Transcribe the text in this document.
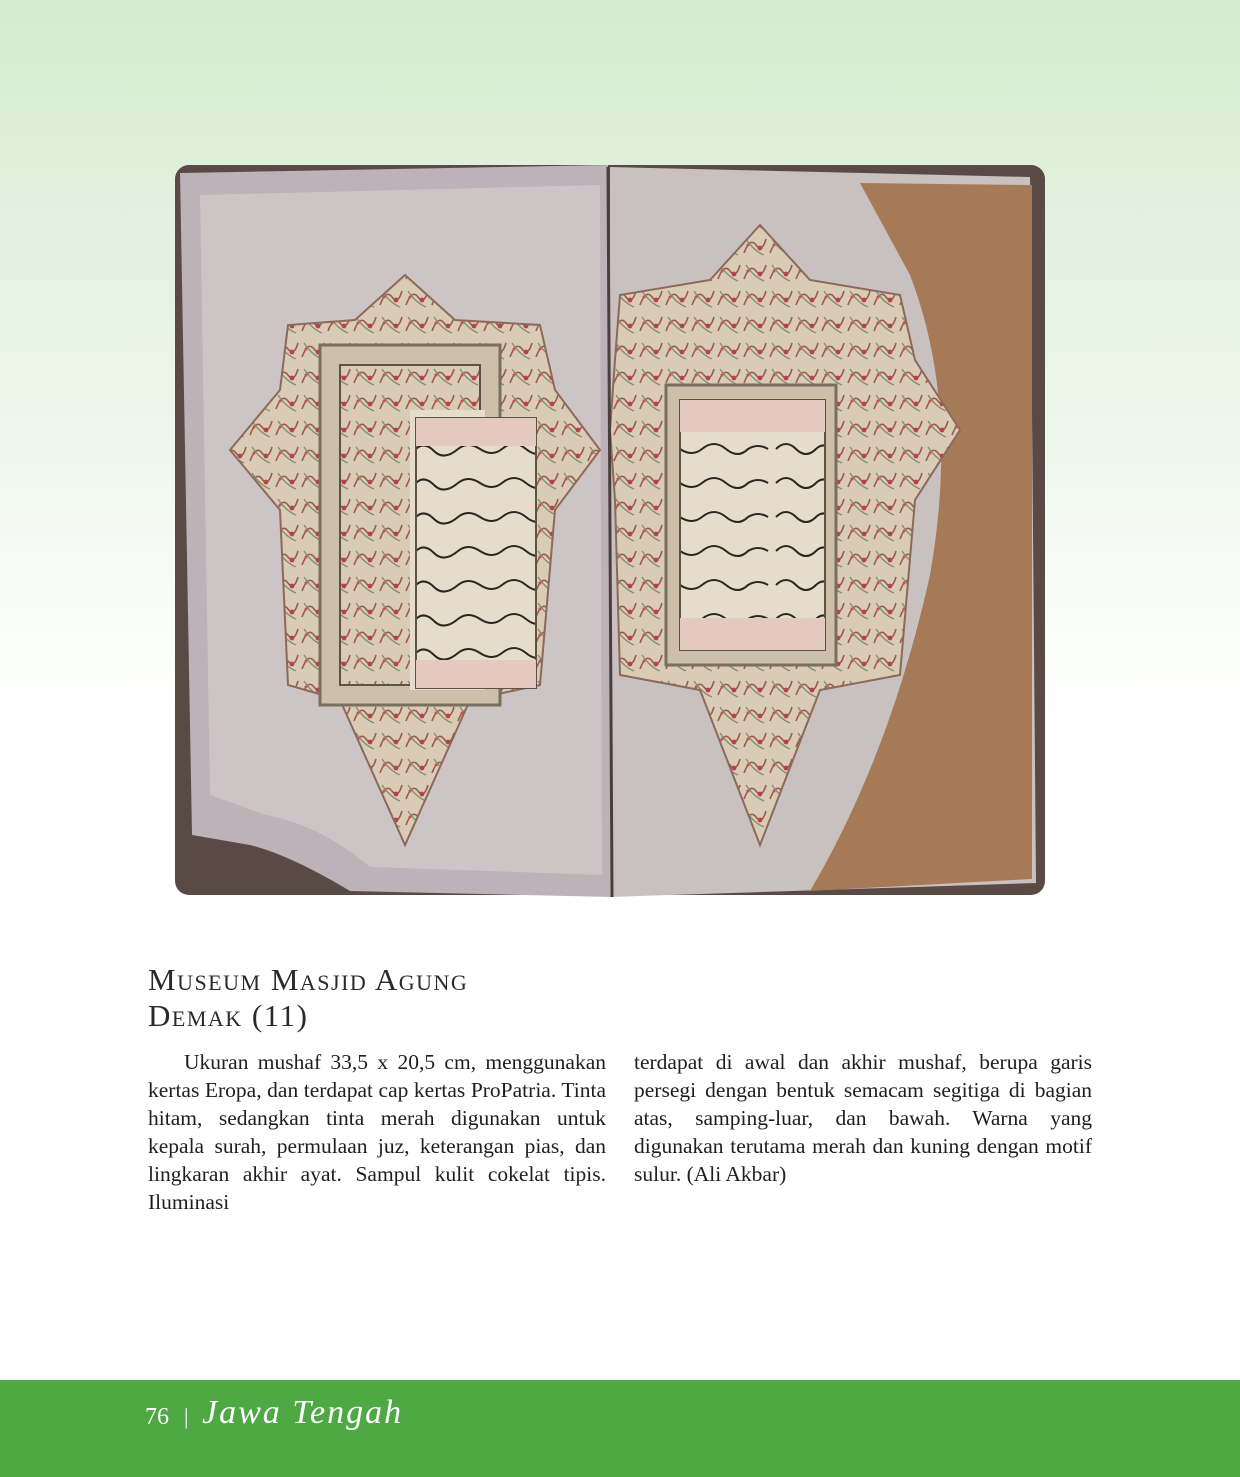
Museum Masjid Agung
Demak (11)
Ukuran mushaf 33,5 x 20,5 cm, menggunakan kertas Eropa, dan terdapat cap kertas ProPatria. Tinta hitam, sedangkan tinta merah digunakan untuk kepala surah, permulaan juz, keterangan pias, dan lingkaran akhir ayat. Sampul kulit cokelat tipis. Iluminasi
terdapat di awal dan akhir mushaf, berupa garis persegi dengan bentuk semacam segitiga di bagian atas, samping-luar, dan bawah. Warna yang digunakan terutama merah dan kuning dengan motif sulur. (Ali Akbar)
76 | Jawa Tengah
